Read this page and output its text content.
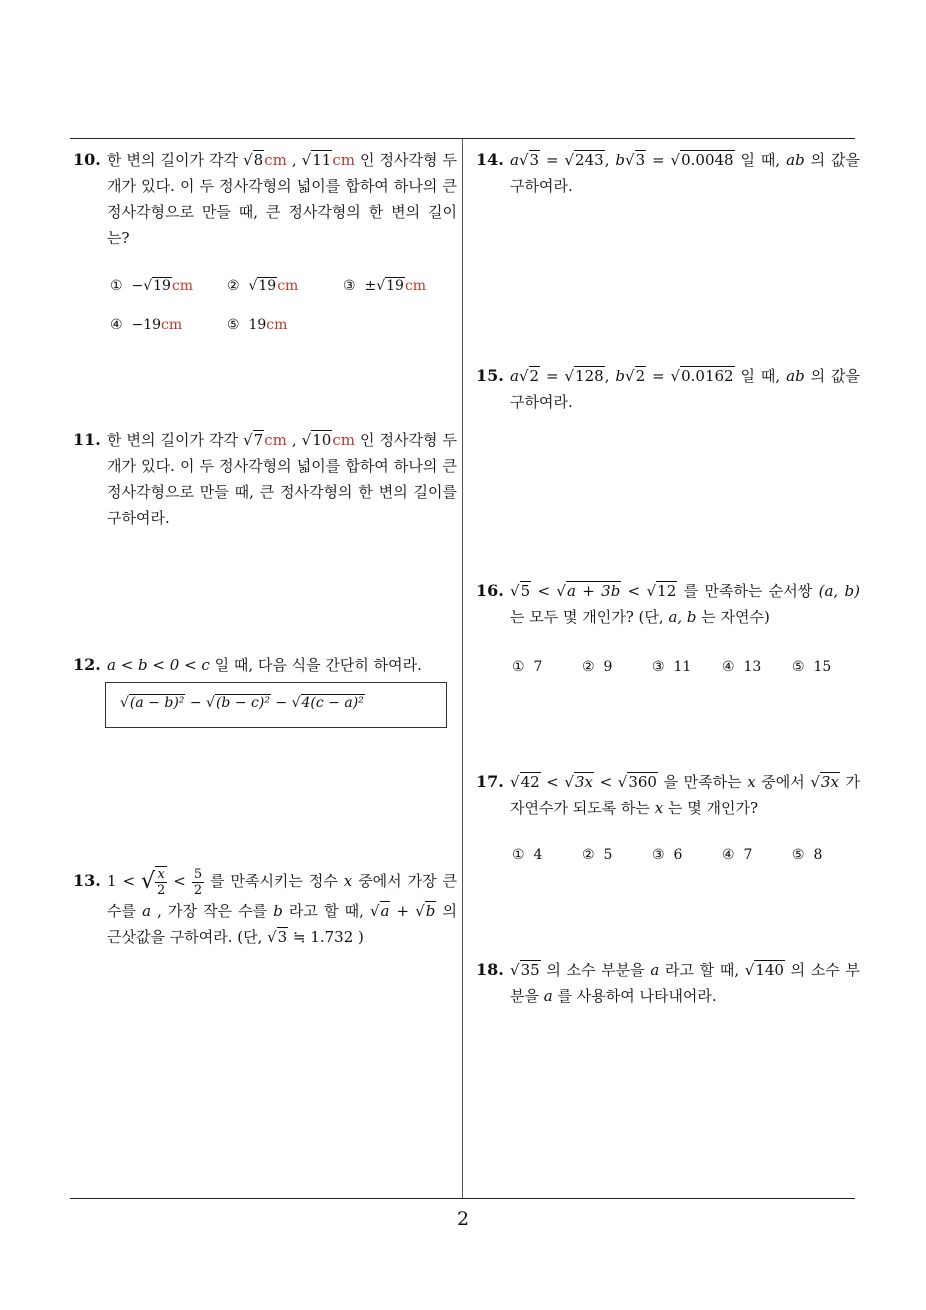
10. 한 변의 길이가 각각 √8cm , √11cm 인 정사각형 두 개가 있다. 이 두 정사각형의 넓이를 합하여 하나의 큰 정사각형으로 만들 때, 큰 정사각형의 한 변의 길이는?
① −√19cm ② √19cm	③ ±√19cm
④ −19cm	⑤ 19cm
11. 한 변의 길이가 각각 √7cm , √10cm 인 정사각형 두 개가 있다. 이 두 정사각형의 넓이를 합하여 하나의 큰 정사각형으로 만들 때, 큰 정사각형의 한 변의 길이를 구하여라.
12. a < b < 0 < c 일 때, 다음 식을 간단히 하여라.
√(a − b)² − √(b − c)² − √4(c − a)²
13. 1 < √ $\frac{x}{2} < \frac{5}{2}$ 를 만족시키는 정수 x 중에서 가장 큰 수를 a , 가장 작은 수를 b 라고 할 때, √a + √b 의 근삿값을 구하여라. (단, √3 ≒ 1.732 )
14. a√3 = √243, b√3 = √0.0048 일 때, ab 의 값을 구하여라.
15. a√2 = √128, b√2 = √0.0162 일 때, ab 의 값을 구하여라.
16. √5 < √a + 3b < √12 를 만족하는 순서쌍 (a, b) 는 모두 몇 개인가? (단, a, b 는 자연수)
① 7	② 9	③ 11 ④ 13 ⑤ 15
17. √42 < √3x < √360 을 만족하는 x 중에서 √3x 가 자연수가 되도록 하는 x 는 몇 개인가?
① 4	② 5	③ 6	④ 7	⑤ 8
18. √35 의 소수 부분을 a 라고 할 때, √140 의 소수 부분을 a 를 사용하여 나타내어라.
2
